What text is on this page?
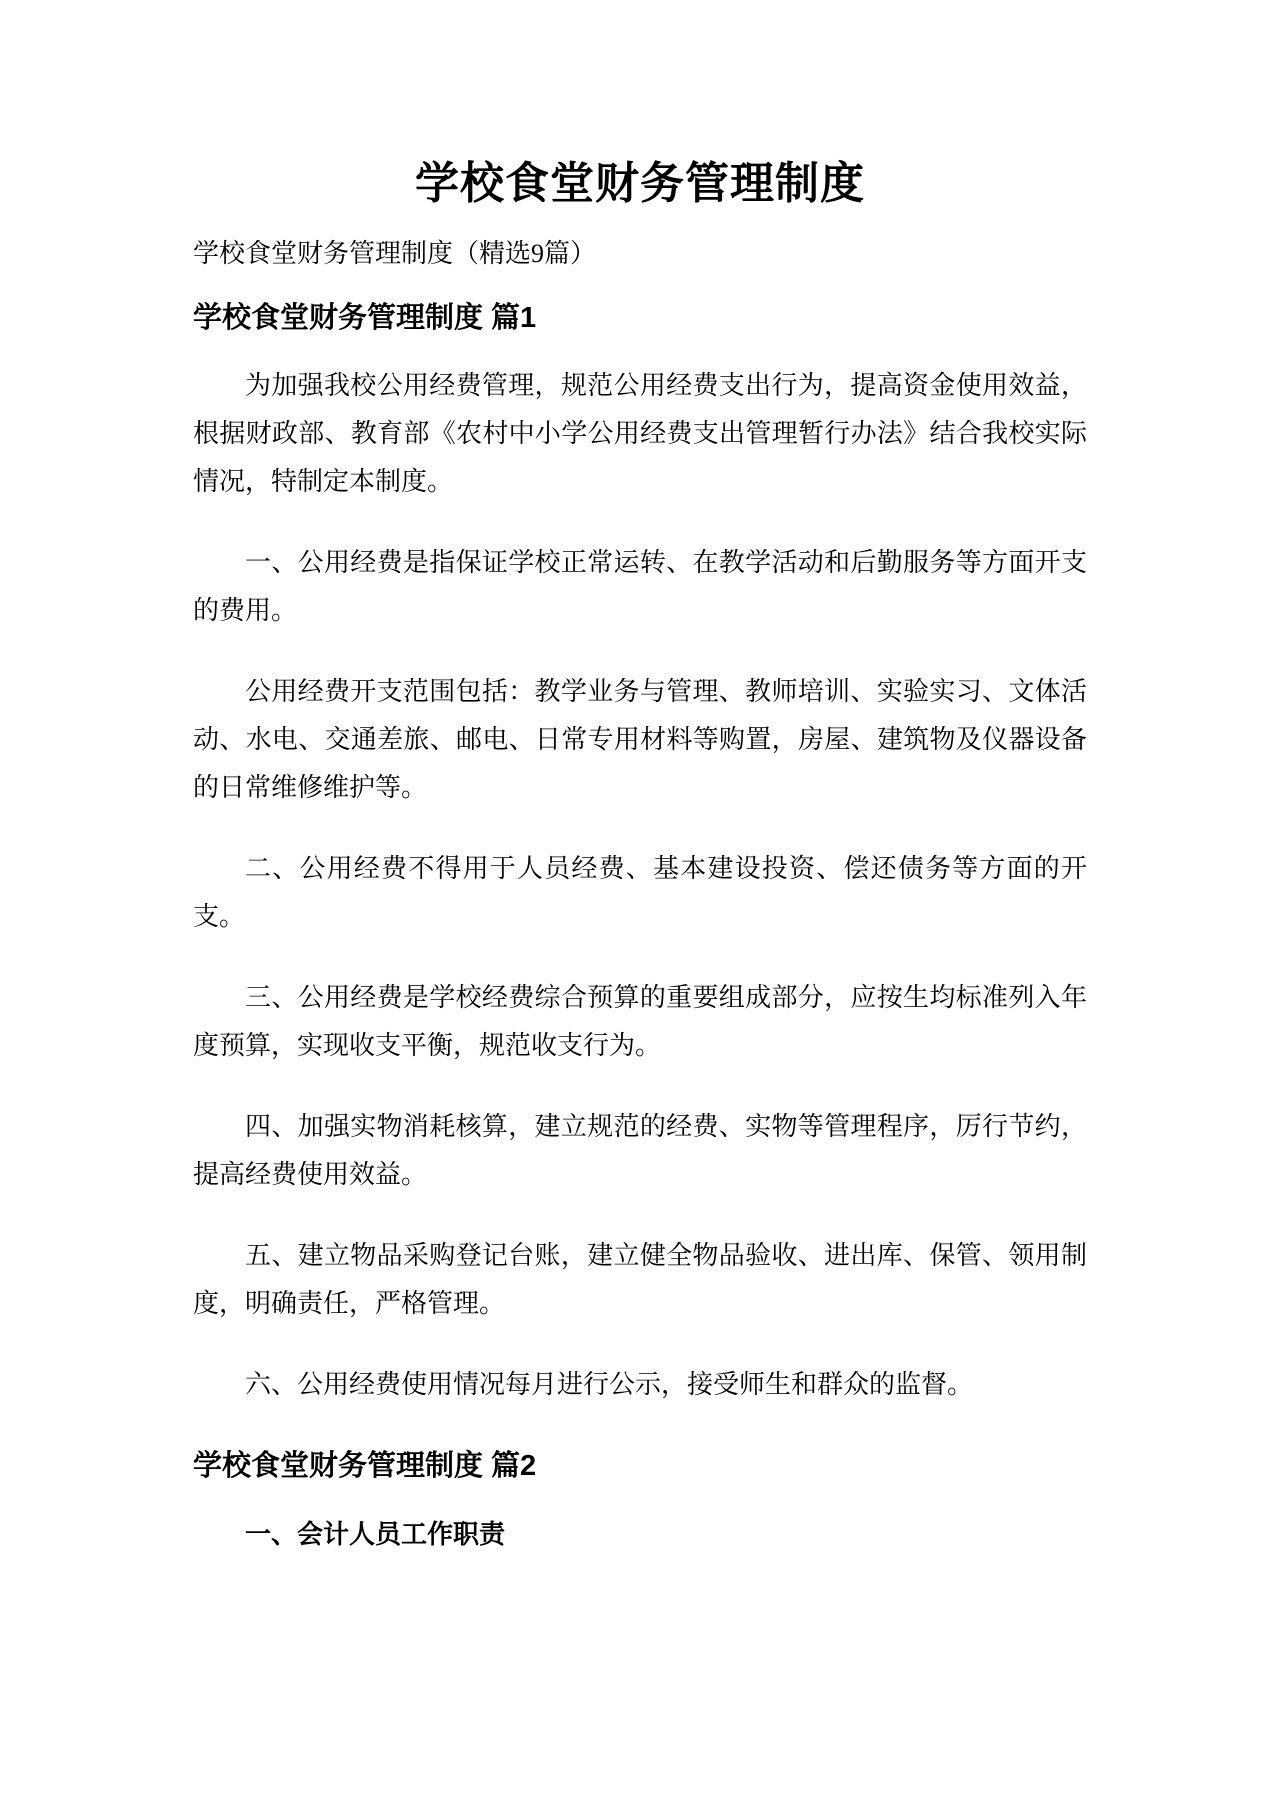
学校食堂财务管理制度

学校食堂财务管理制度（精选9篇）

学校食堂财务管理制度 篇1

为加强我校公用经费管理，规范公用经费支出行为，提高资金使用效益，根据财政部、教育部《农村中小学公用经费支出管理暂行办法》结合我校实际情况，特制定本制度。

一、公用经费是指保证学校正常运转、在教学活动和后勤服务等方面开支的费用。

公用经费开支范围包括：教学业务与管理、教师培训、实验实习、文体活动、水电、交通差旅、邮电、日常专用材料等购置，房屋、建筑物及仪器设备的日常维修维护等。

二、公用经费不得用于人员经费、基本建设投资、偿还债务等方面的开支。

三、公用经费是学校经费综合预算的重要组成部分，应按生均标准列入年度预算，实现收支平衡，规范收支行为。

四、加强实物消耗核算，建立规范的经费、实物等管理程序，厉行节约，提高经费使用效益。

五、建立物品采购登记台账，建立健全物品验收、进出库、保管、领用制度，明确责任，严格管理。

六、公用经费使用情况每月进行公示，接受师生和群众的监督。

学校食堂财务管理制度 篇2

一、会计人员工作职责
